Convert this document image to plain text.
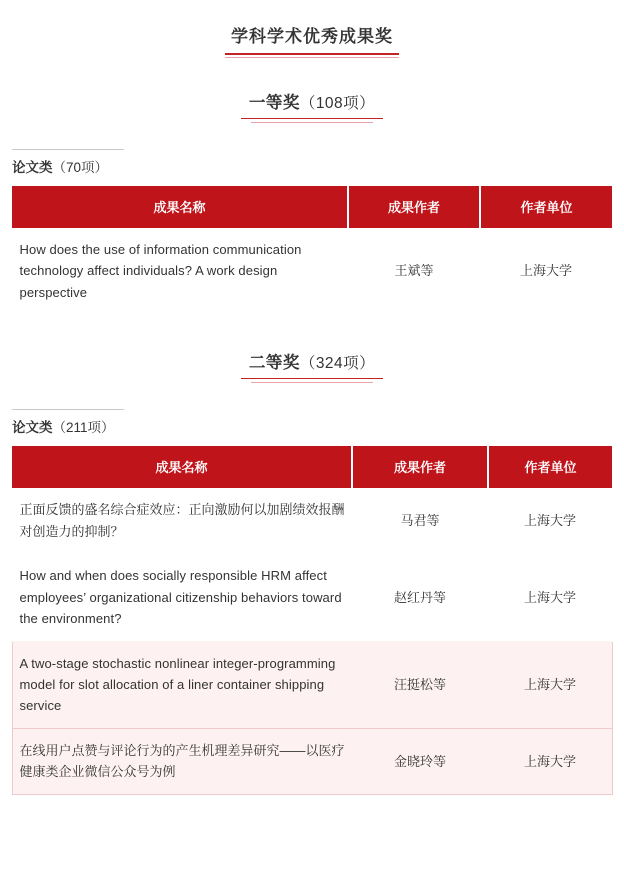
学科学术优秀成果奖
一等奖（108项）
论文类（70项）
成果名称	成果作者	作者单位
How does the use of information communication technology affect individuals? A work design perspective	王斌等	上海大学
二等奖（324项）
论文类（211项）
成果名称	成果作者	作者单位
正面反馈的盛名综合症效应：正向激励何以加剧绩效报酬对创造力的抑制？	马君等	上海大学
How and when does socially responsible HRM affect employees’ organizational citizenship behaviors toward the environment?	赵红丹等	上海大学
A two-stage stochastic nonlinear integer-programming model for slot allocation of a liner container shipping service	汪挺松等	上海大学
在线用户点赞与评论行为的产生机理差异研究——以医疗健康类企业微信公众号为例	金晓玲等	上海大学
